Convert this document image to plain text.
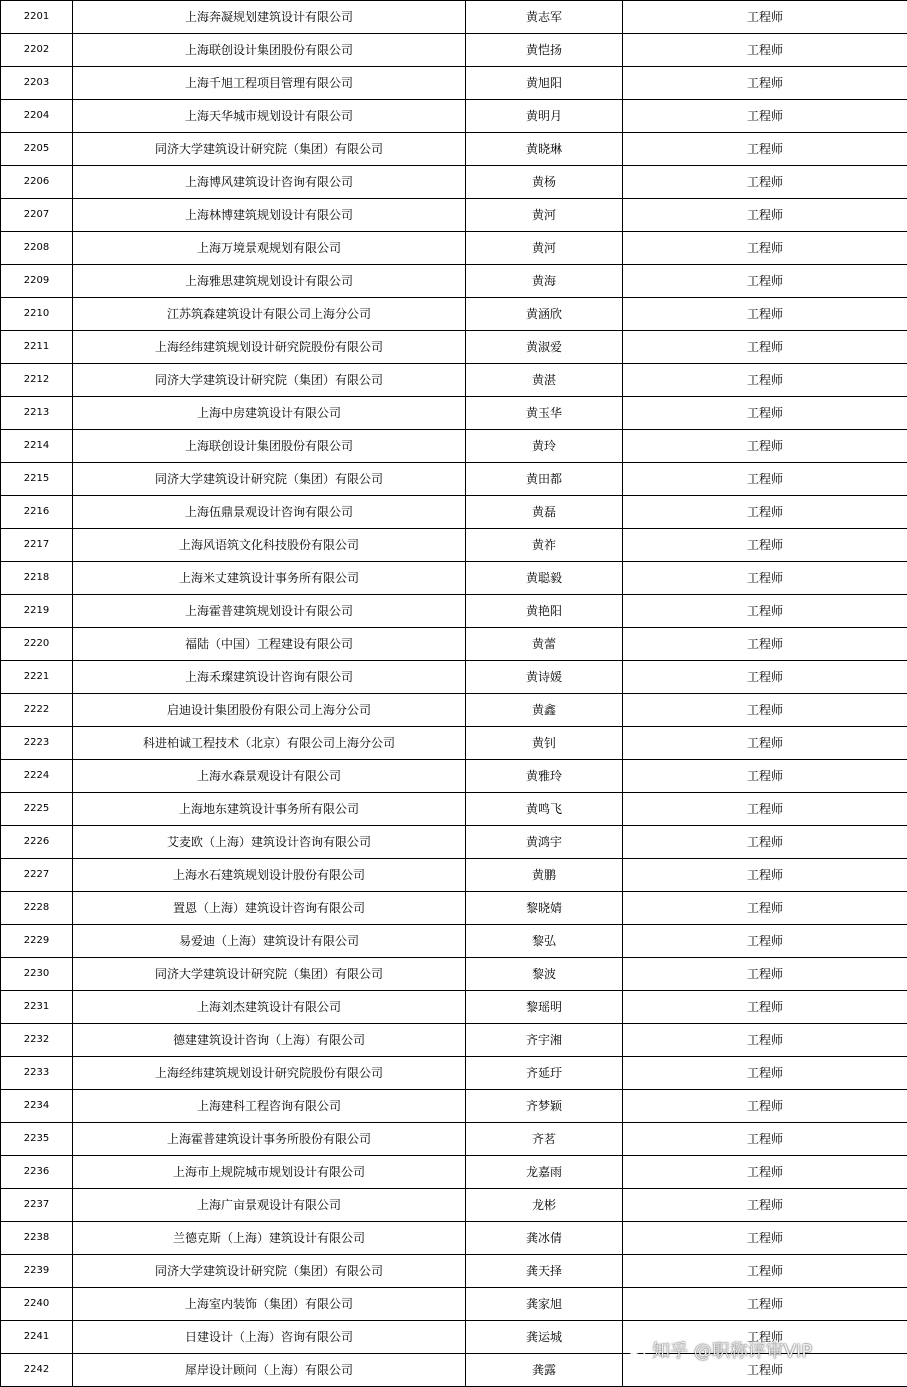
2201	上海奔凝规划建筑设计有限公司	黄志军	工程师
2202	上海联创设计集团股份有限公司	黄恺扬	工程师
2203	上海千旭工程项目管理有限公司	黄旭阳	工程师
2204	上海天华城市规划设计有限公司	黄明月	工程师
2205	同济大学建筑设计研究院（集团）有限公司	黄晓琳	工程师
2206	上海博风建筑设计咨询有限公司	黄杨	工程师
2207	上海林博建筑规划设计有限公司	黄河	工程师
2208	上海万境景观规划有限公司	黄河	工程师
2209	上海雅思建筑规划设计有限公司	黄海	工程师
2210	江苏筑森建筑设计有限公司上海分公司	黄涵欣	工程师
2211	上海经纬建筑规划设计研究院股份有限公司	黄淑爱	工程师
2212	同济大学建筑设计研究院（集团）有限公司	黄湛	工程师
2213	上海中房建筑设计有限公司	黄玉华	工程师
2214	上海联创设计集团股份有限公司	黄玲	工程师
2215	同济大学建筑设计研究院（集团）有限公司	黄田都	工程师
2216	上海伍鼎景观设计咨询有限公司	黄磊	工程师
2217	上海风语筑文化科技股份有限公司	黄祚	工程师
2218	上海米丈建筑设计事务所有限公司	黄聪毅	工程师
2219	上海霍普建筑规划设计有限公司	黄艳阳	工程师
2220	福陆（中国）工程建设有限公司	黄蕾	工程师
2221	上海禾璨建筑设计咨询有限公司	黄诗媛	工程师
2222	启迪设计集团股份有限公司上海分公司	黄鑫	工程师
2223	科进柏诚工程技术（北京）有限公司上海分公司	黄钊	工程师
2224	上海水森景观设计有限公司	黄雅玲	工程师
2225	上海地东建筑设计事务所有限公司	黄鸣飞	工程师
2226	艾麦欧（上海）建筑设计咨询有限公司	黄鸿宇	工程师
2227	上海水石建筑规划设计股份有限公司	黄鹏	工程师
2228	置恩（上海）建筑设计咨询有限公司	黎晓婧	工程师
2229	易爱迪（上海）建筑设计有限公司	黎弘	工程师
2230	同济大学建筑设计研究院（集团）有限公司	黎波	工程师
2231	上海刘杰建筑设计有限公司	黎瑶明	工程师
2232	德建建筑设计咨询（上海）有限公司	齐宇湘	工程师
2233	上海经纬建筑规划设计研究院股份有限公司	齐延玗	工程师
2234	上海建科工程咨询有限公司	齐梦颖	工程师
2235	上海霍普建筑设计事务所股份有限公司	齐茗	工程师
2236	上海市上规院城市规划设计有限公司	龙嘉雨	工程师
2237	上海广亩景观设计有限公司	龙彬	工程师
2238	兰德克斯（上海）建筑设计有限公司	龚冰倩	工程师
2239	同济大学建筑设计研究院（集团）有限公司	龚天择	工程师
2240	上海室内装饰（集团）有限公司	龚家旭	工程师
2241	日建设计（上海）咨询有限公司	龚运城	工程师
2242	犀岸设计顾问（上海）有限公司	龚露	工程师
知乎 @职称评审VIP
